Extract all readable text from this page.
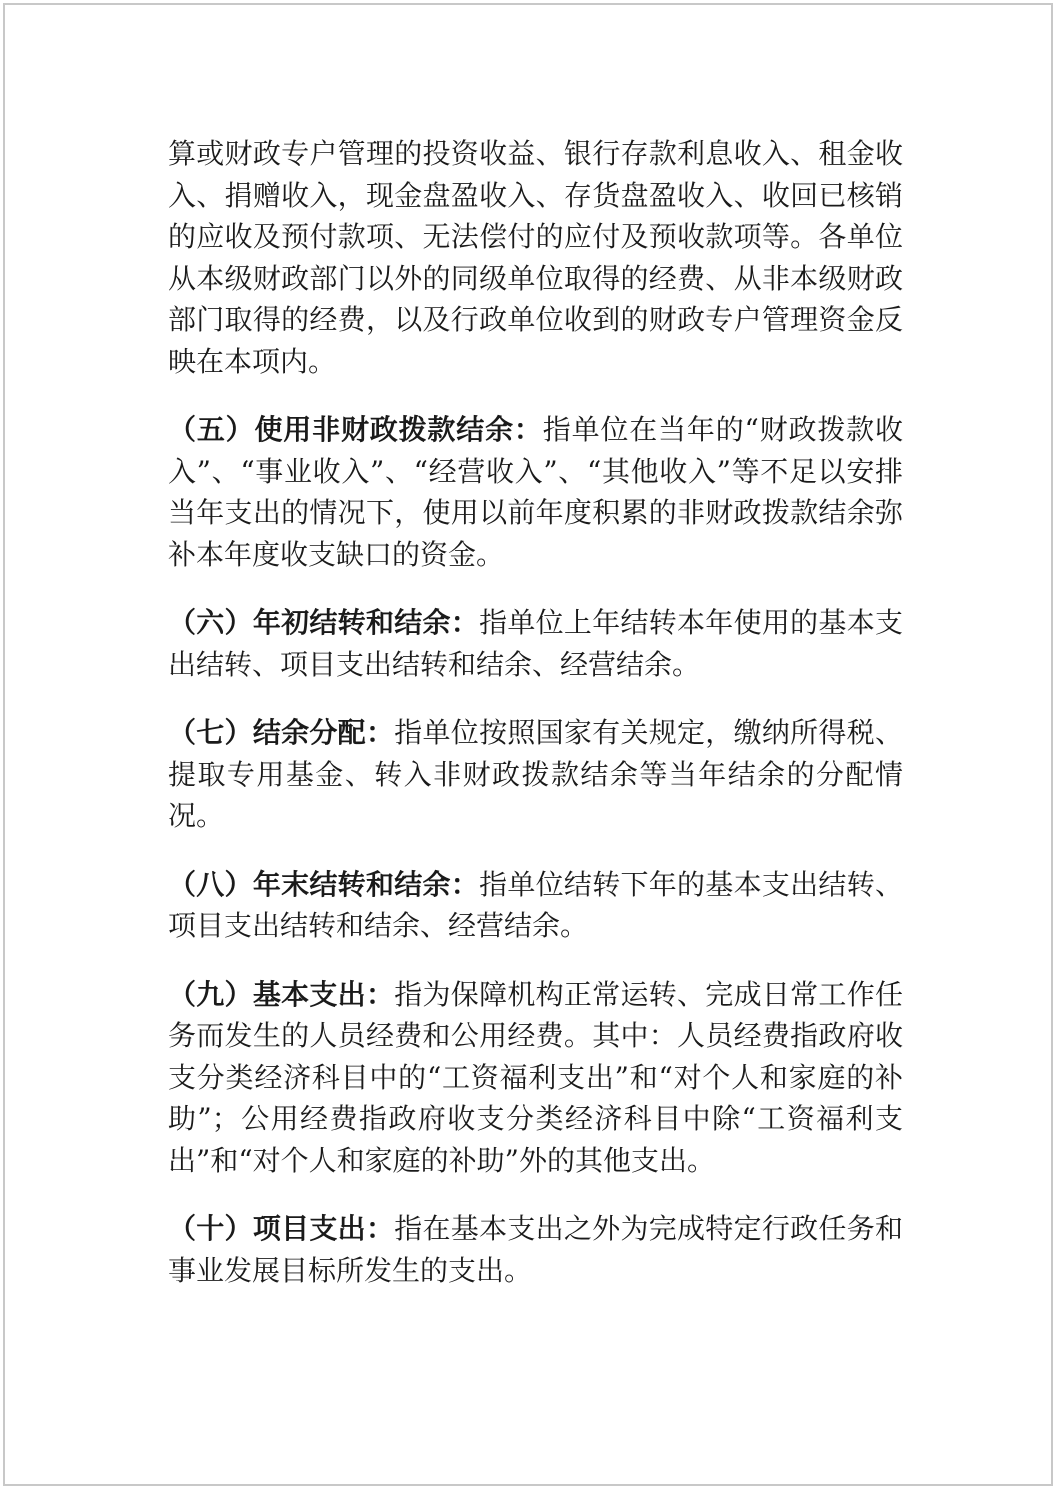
算或财政专户管理的投资收益、银行存款利息收入、租金收入、捐赠收入，现金盘盈收入、存货盘盈收入、收回已核销的应收及预付款项、无法偿付的应付及预收款项等。各单位从本级财政部门以外的同级单位取得的经费、从非本级财政部门取得的经费，以及行政单位收到的财政专户管理资金反映在本项内。

（五）使用非财政拨款结余：指单位在当年的“财政拨款收入”、“事业收入”、“经营收入”、“其他收入”等不足以安排当年支出的情况下，使用以前年度积累的非财政拨款结余弥补本年度收支缺口的资金。

（六）年初结转和结余：指单位上年结转本年使用的基本支出结转、项目支出结转和结余、经营结余。

（七）结余分配：指单位按照国家有关规定，缴纳所得税、提取专用基金、转入非财政拨款结余等当年结余的分配情况。

（八）年末结转和结余：指单位结转下年的基本支出结转、项目支出结转和结余、经营结余。

（九）基本支出：指为保障机构正常运转、完成日常工作任务而发生的人员经费和公用经费。其中：人员经费指政府收支分类经济科目中的“工资福利支出”和“对个人和家庭的补助”；公用经费指政府收支分类经济科目中除“工资福利支出”和“对个人和家庭的补助”外的其他支出。

（十）项目支出：指在基本支出之外为完成特定行政任务和事业发展目标所发生的支出。
